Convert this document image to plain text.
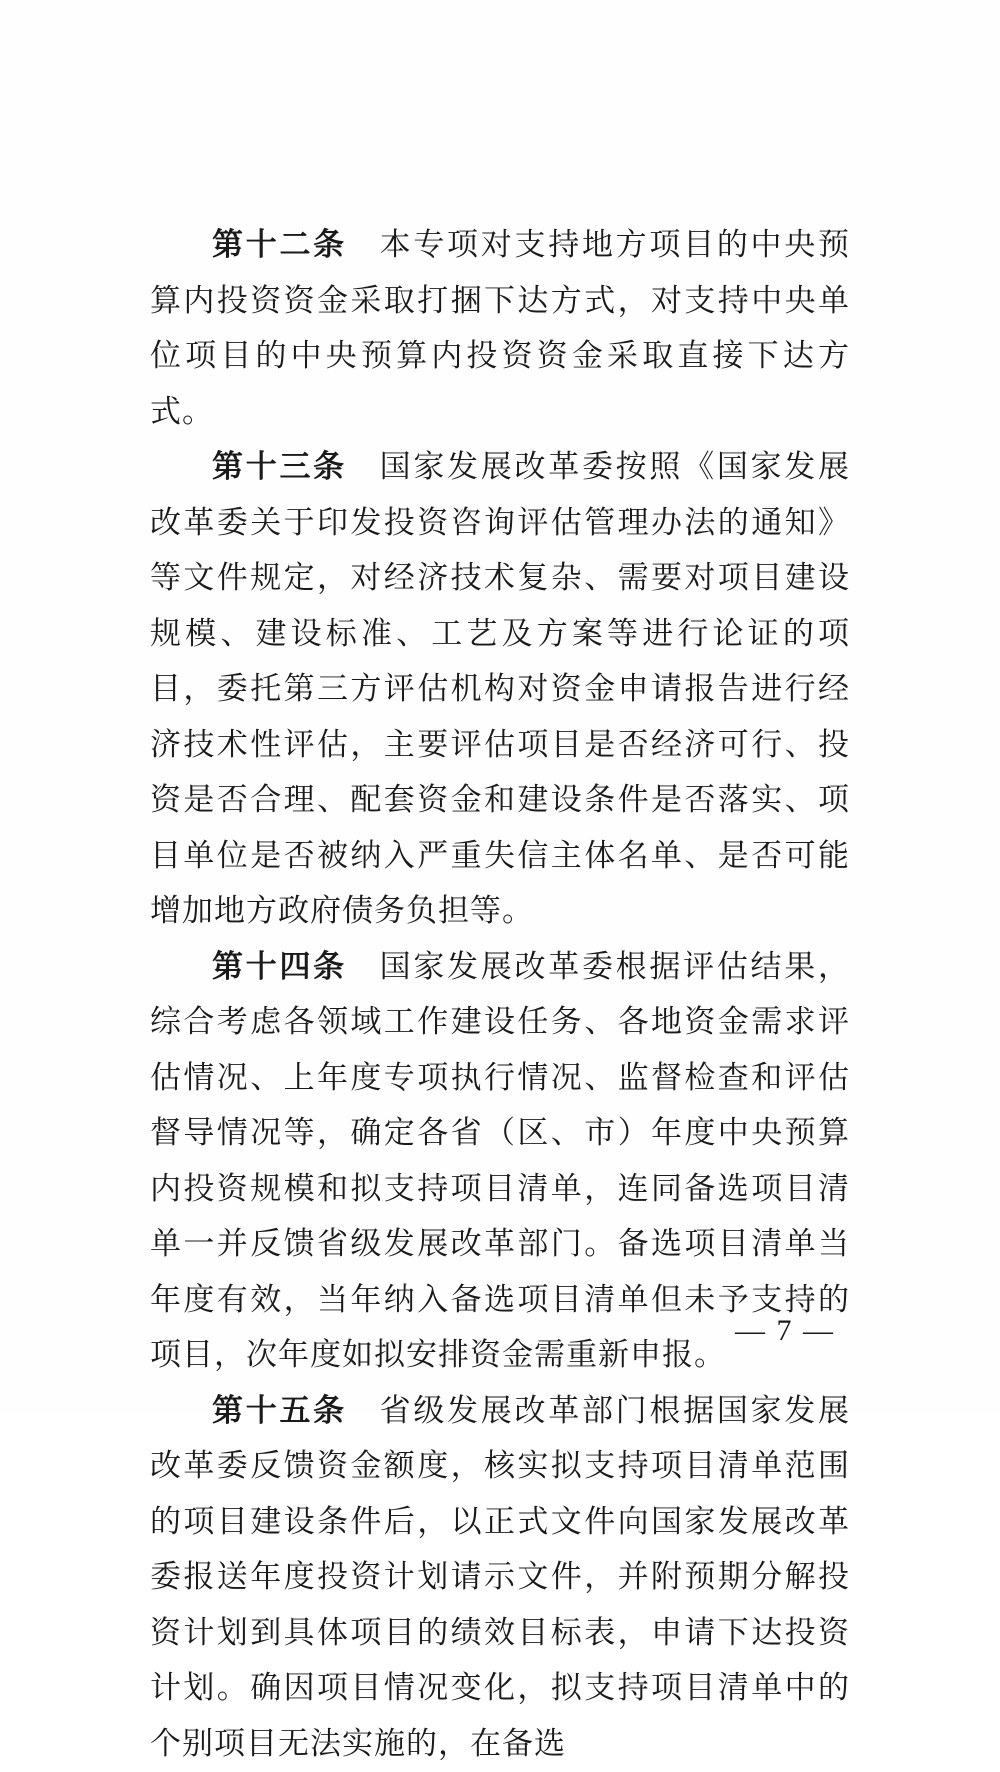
第十二条 本专项对支持地方项目的中央预算内投资资金采取打捆下达方式，对支持中央单位项目的中央预算内投资资金采取直接下达方式。

第十三条 国家发展改革委按照《国家发展改革委关于印发投资咨询评估管理办法的通知》等文件规定，对经济技术复杂、需要对项目建设规模、建设标准、工艺及方案等进行论证的项目，委托第三方评估机构对资金申请报告进行经济技术性评估，主要评估项目是否经济可行、投资是否合理、配套资金和建设条件是否落实、项目单位是否被纳入严重失信主体名单、是否可能增加地方政府债务负担等。

第十四条 国家发展改革委根据评估结果，综合考虑各领域工作建设任务、各地资金需求评估情况、上年度专项执行情况、监督检查和评估督导情况等，确定各省（区、市）年度中央预算内投资规模和拟支持项目清单，连同备选项目清单一并反馈省级发展改革部门。备选项目清单当年度有效，当年纳入备选项目清单但未予支持的项目，次年度如拟安排资金需重新申报。

第十五条 省级发展改革部门根据国家发展改革委反馈资金额度，核实拟支持项目清单范围的项目建设条件后，以正式文件向国家发展改革委报送年度投资计划请示文件，并附预期分解投资计划到具体项目的绩效目标表，申请下达投资计划。确因项目情况变化，拟支持项目清单中的个别项目无法实施的，在备选

— 7 —
